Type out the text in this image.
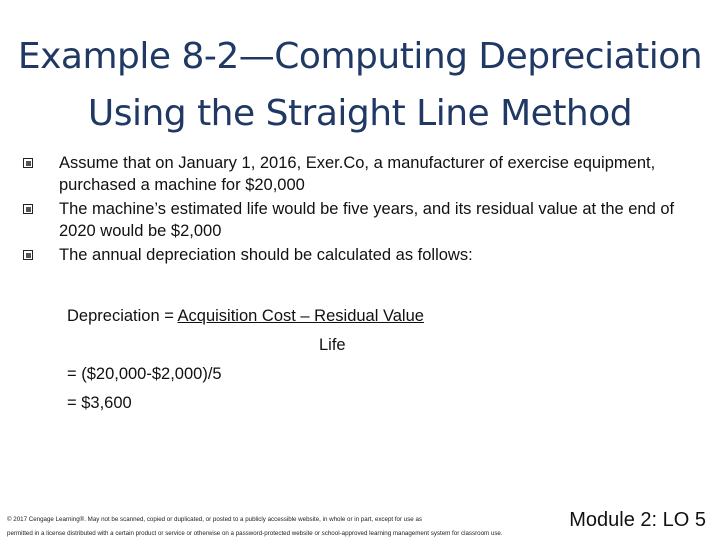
Example 8-2—Computing Depreciation Using the Straight Line Method
Assume that on January 1, 2016, Exer.Co, a manufacturer of exercise equipment, purchased a machine for $20,000
The machine’s estimated life would be five years, and its residual value at the end of 2020 would be $2,000
The annual depreciation should be calculated as follows:
Depreciation = Acquisition Cost – Residual Value
Life
= ($20,000-$2,000)/5
= $3,600
© 2017 Cengage Learning®. May not be scanned, copied or duplicated, or posted to a publicly accessible website, in whole or in part, except for use as
permitted in a license distributed with a certain product or service or otherwise on a password-protected website or school-approved learning management system for classroom use.
Module 2: LO 5
